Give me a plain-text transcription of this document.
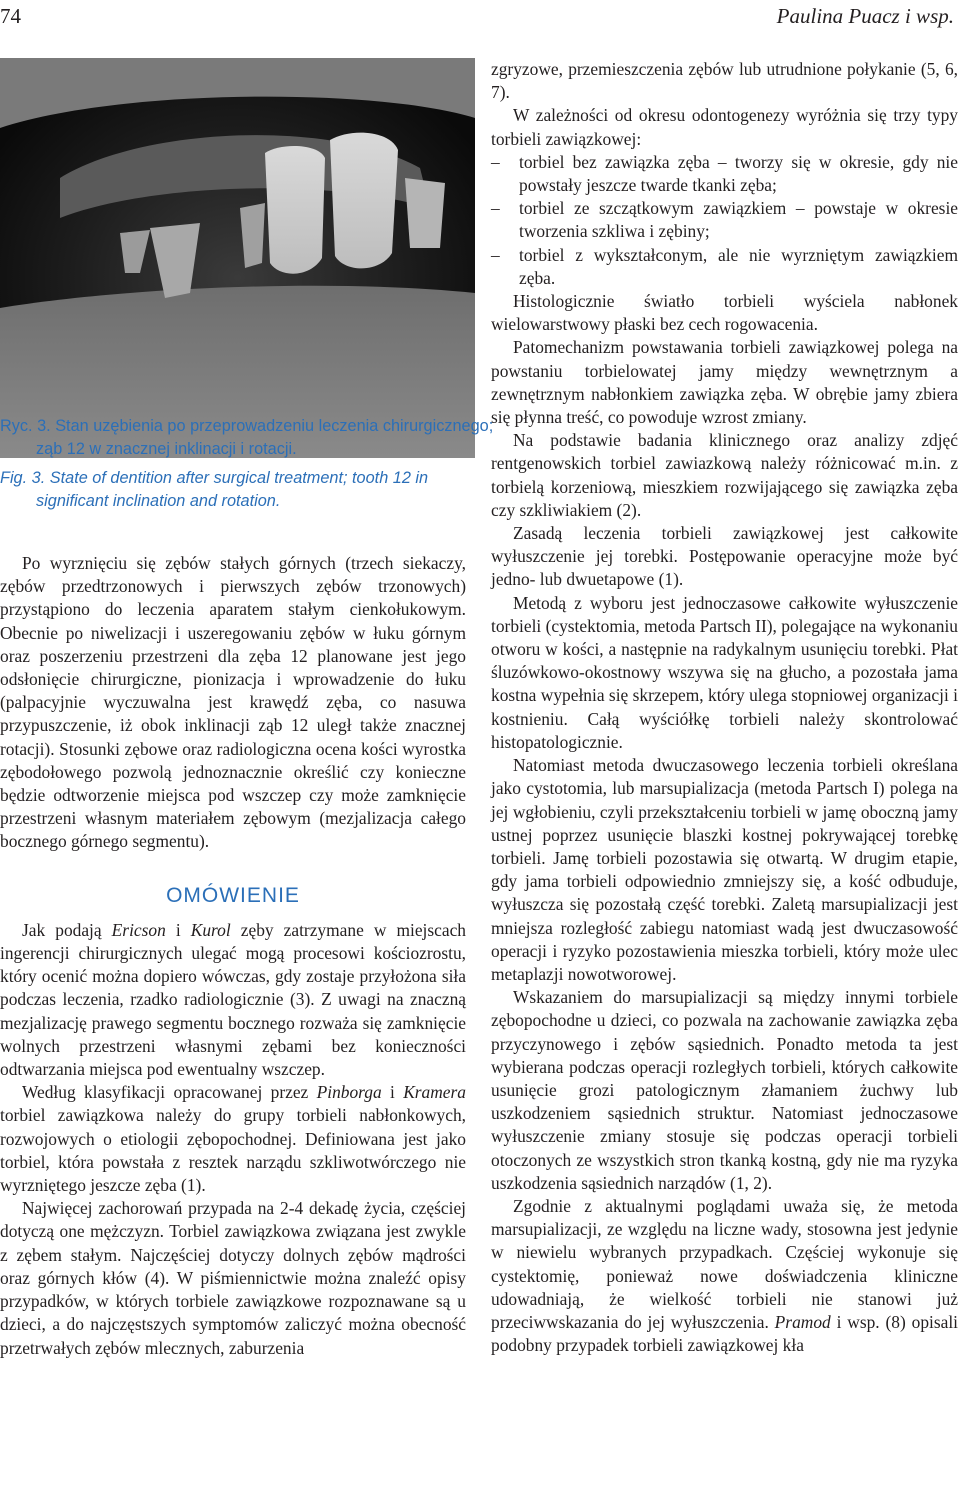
74	Paulina Puacz i wsp.

Ryc. 3. Stan uzębienia po przeprowadzeniu leczenia chirurgicznego; ząb 12 w znacznej inklinacji i rotacji.

Fig. 3. State of dentition after surgical treatment; tooth 12 in significant inclination and rotation.

Po wyrznięciu się zębów stałych górnych (trzech siekaczy, zębów przedtrzonowych i pierwszych zębów trzonowych) przystąpiono do leczenia aparatem stałym cienkołukowym. Obecnie po niwelizacji i uszeregowaniu zębów w łuku górnym oraz poszerzeniu przestrzeni dla zęba 12 planowane jest jego odsłonięcie chirurgiczne, pionizacja i wprowadzenie do łuku (palpacyjnie wyczuwalna jest krawędź zęba, co nasuwa przypuszczenie, iż obok inklinacji ząb 12 uległ także znacznej rotacji). Stosunki zębowe oraz radiologiczna ocena kości wyrostka zębodołowego pozwolą jednoznacznie określić czy konieczne będzie odtworzenie miejsca pod wszczep czy może zamknięcie przestrzeni własnym materiałem zębowym (mezjalizacja całego bocznego górnego segmentu).

OMÓWIENIE

Jak podają Ericson i Kurol zęby zatrzymane w miejscach ingerencji chirurgicznych ulegać mogą procesowi kościozrostu, który ocenić można dopiero wówczas, gdy zostaje przyłożona siła podczas leczenia, rzadko radiologicznie (3). Z uwagi na znaczną mezjalizację prawego segmentu bocznego rozważa się zamknięcie wolnych przestrzeni własnymi zębami bez konieczności odtwarzania miejsca pod ewentualny wszczep.

Według klasyfikacji opracowanej przez Pinborga i Kramera torbiel zawiązkowa należy do grupy torbieli nabłonkowych, rozwojowych o etiologii zębopochodnej. Definiowana jest jako torbiel, która powstała z resztek narządu szkliwotwórczego nie wyrzniętego jeszcze zęba (1).

Najwięcej zachorowań przypada na 2-4 dekadę życia, częściej dotyczą one mężczyzn. Torbiel zawiązkowa związana jest zwykle z zębem stałym. Najczęściej dotyczy dolnych zębów mądrości oraz górnych kłów (4). W piśmiennictwie można znaleźć opisy przypadków, w których torbiele zawiązkowe rozpoznawane są u dzieci, a do najczęstszych symptomów zaliczyć można obecność przetrwałych zębów mlecznych, zaburzenia

zgryzowe, przemieszczenia zębów lub utrudnione połykanie (5, 6, 7).

W zależności od okresu odontogenezy wyróżnia się trzy typy torbieli zawiązkowej:

– torbiel bez zawiązka zęba – tworzy się w okresie, gdy nie powstały jeszcze twarde tkanki zęba;

– torbiel ze szczątkowym zawiązkiem – powstaje w okresie tworzenia szkliwa i zębiny;

– torbiel z wykształconym, ale nie wyrzniętym zawiązkiem zęba.

Histologicznie światło torbieli wyściela nabłonek wielowarstwowy płaski bez cech rogowacenia.

Patomechanizm powstawania torbieli zawiązkowej polega na powstaniu torbielowatej jamy między wewnętrznym a zewnętrznym nabłonkiem zawiązka zęba. W obrębie jamy zbiera się płynna treść, co powoduje wzrost zmiany.

Na podstawie badania klinicznego oraz analizy zdjęć rentgenowskich torbiel zawiazkową należy różnicować m.in. z torbielą korzeniową, mieszkiem rozwijającego się zawiązka zęba czy szkliwiakiem (2).

Zasadą leczenia torbieli zawiązkowej jest całkowite wyłuszczenie jej torebki. Postępowanie operacyjne może być jedno- lub dwuetapowe (1).

Metodą z wyboru jest jednoczasowe całkowite wyłuszczenie torbieli (cystektomia, metoda Partsch II), polegające na wykonaniu otworu w kości, a następnie na radykalnym usunięciu torebki. Płat śluzówkowo-okostnowy wszywa się na głucho, a pozostała jama kostna wypełnia się skrzepem, który ulega stopniowej organizacji i kostnieniu. Całą wyściółkę torbieli należy skontrolować histopatologicznie.

Natomiast metoda dwuczasowego leczenia torbieli określana jako cystotomia, lub marsupializacja (metoda Partsch I) polega na jej wgłobieniu, czyli przekształceniu torbieli w jamę oboczną jamy ustnej poprzez usunięcie blaszki kostnej pokrywającej torebkę torbieli. Jamę torbieli pozostawia się otwartą. W drugim etapie, gdy jama torbieli odpowiednio zmniejszy się, a kość odbuduje, wyłuszcza się pozostałą część torebki. Zaletą marsupializacji jest mniejsza rozległość zabiegu natomiast wadą jest dwuczasowość operacji i ryzyko pozostawienia mieszka torbieli, który może ulec metaplazji nowotworowej.

Wskazaniem do marsupializacji są między innymi torbiele zębopochodne u dzieci, co pozwala na zachowanie zawiązka zęba przyczynowego i zębów sąsiednich. Ponadto metoda ta jest wybierana podczas operacji rozległych torbieli, których całkowite usunięcie grozi patologicznym złamaniem żuchwy lub uszkodzeniem sąsiednich struktur. Natomiast jednoczasowe wyłuszczenie zmiany stosuje się podczas operacji torbieli otoczonych ze wszystkich stron tkanką kostną, gdy nie ma ryzyka uszkodzenia sąsiednich narządów (1, 2).

Zgodnie z aktualnymi poglądami uważa się, że metoda marsupializacji, ze względu na liczne wady, stosowna jest jedynie w niewielu wybranych przypadkach. Częściej wykonuje się cystektomię, ponieważ nowe doświadczenia kliniczne udowadniają, że wielkość torbieli nie stanowi już przeciwwskazania do jej wyłuszczenia. Pramod i wsp. (8) opisali podobny przypadek torbieli zawiązkowej kła
